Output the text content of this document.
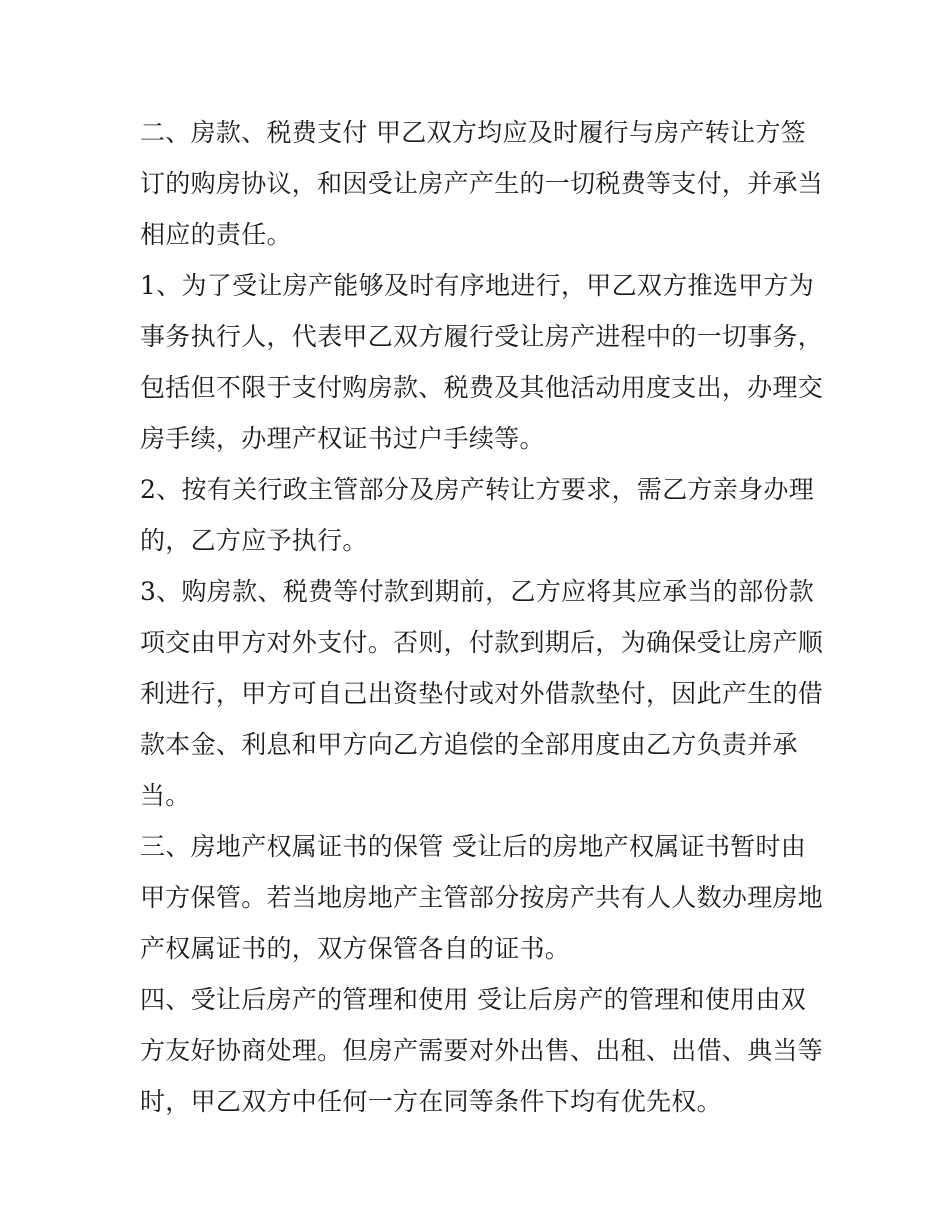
二、房款、税费支付 甲乙双方均应及时履行与房产转让方签
订的购房协议，和因受让房产产生的一切税费等支付，并承当
相应的责任。

1、为了受让房产能够及时有序地进行，甲乙双方推选甲方为
事务执行人，代表甲乙双方履行受让房产进程中的一切事务，
包括但不限于支付购房款、税费及其他活动用度支出，办理交
房手续，办理产权证书过户手续等。

2、按有关行政主管部分及房产转让方要求，需乙方亲身办理
的，乙方应予执行。

3、购房款、税费等付款到期前，乙方应将其应承当的部份款
项交由甲方对外支付。否则，付款到期后，为确保受让房产顺
利进行，甲方可自己出资垫付或对外借款垫付，因此产生的借
款本金、利息和甲方向乙方追偿的全部用度由乙方负责并承
当。

三、房地产权属证书的保管 受让后的房地产权属证书暂时由
甲方保管。若当地房地产主管部分按房产共有人人数办理房地
产权属证书的，双方保管各自的证书。

四、受让后房产的管理和使用 受让后房产的管理和使用由双
方友好协商处理。但房产需要对外出售、出租、出借、典当等
时，甲乙双方中任何一方在同等条件下均有优先权。
